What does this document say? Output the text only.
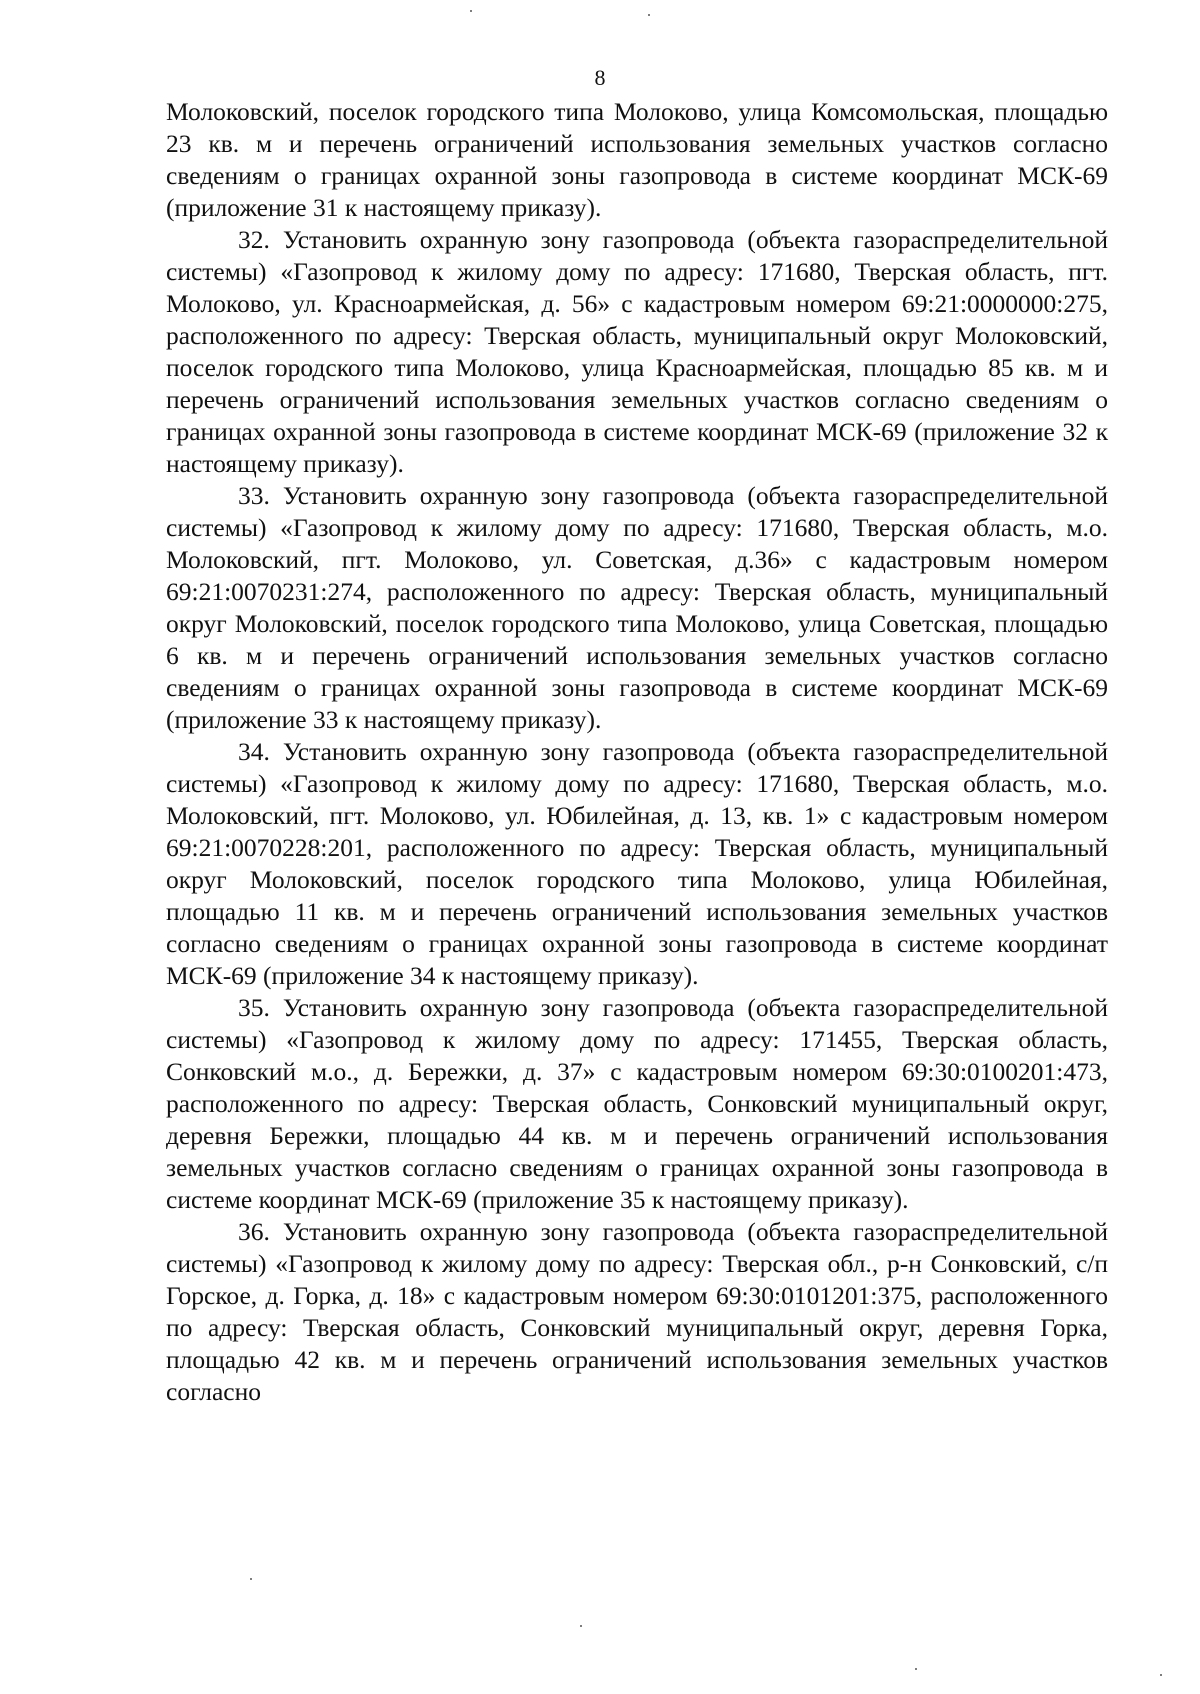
8

Молоковский, поселок городского типа Молоково, улица Комсомольская, площадью 23 кв. м и перечень ограничений использования земельных участков согласно сведениям о границах охранной зоны газопровода в системе координат МСК-69 (приложение 31 к настоящему приказу).

32. Установить охранную зону газопровода (объекта газораспределительной системы) «Газопровод к жилому дому по адресу: 171680, Тверская область, пгт. Молоково, ул. Красноармейская, д. 56» с кадастровым номером 69:21:0000000:275, расположенного по адресу: Тверская область, муниципальный округ Молоковский, поселок городского типа Молоково, улица Красноармейская, площадью 85 кв. м и перечень ограничений использования земельных участков согласно сведениям о границах охранной зоны газопровода в системе координат МСК-69 (приложение 32 к настоящему приказу).

33. Установить охранную зону газопровода (объекта газораспределительной системы) «Газопровод к жилому дому по адресу: 171680, Тверская область, м.о. Молоковский, пгт. Молоково, ул. Советская, д.36» с кадастровым номером 69:21:0070231:274, расположенного по адресу: Тверская область, муниципальный округ Молоковский, поселок городского типа Молоково, улица Советская, площадью 6 кв. м и перечень ограничений использования земельных участков согласно сведениям о границах охранной зоны газопровода в системе координат МСК-69 (приложение 33 к настоящему приказу).

34. Установить охранную зону газопровода (объекта газораспределительной системы) «Газопровод к жилому дому по адресу: 171680, Тверская область, м.о. Молоковский, пгт. Молоково, ул. Юбилейная, д. 13, кв. 1» с кадастровым номером 69:21:0070228:201, расположенного по адресу: Тверская область, муниципальный округ Молоковский, поселок городского типа Молоково, улица Юбилейная, площадью 11 кв. м и перечень ограничений использования земельных участков согласно сведениям о границах охранной зоны газопровода в системе координат МСК-69 (приложение 34 к настоящему приказу).

35. Установить охранную зону газопровода (объекта газораспределительной системы) «Газопровод к жилому дому по адресу: 171455, Тверская область, Сонковский м.о., д. Бережки, д. 37» с кадастровым номером 69:30:0100201:473, расположенного по адресу: Тверская область, Сонковский муниципальный округ, деревня Бережки, площадью 44 кв. м и перечень ограничений использования земельных участков согласно сведениям о границах охранной зоны газопровода в системе координат МСК-69 (приложение 35 к настоящему приказу).

36. Установить охранную зону газопровода (объекта газораспределительной системы) «Газопровод к жилому дому по адресу: Тверская обл., р-н Сонковский, с/п Горское, д. Горка, д. 18» с кадастровым номером 69:30:0101201:375, расположенного по адресу: Тверская область, Сонковский муниципальный округ, деревня Горка, площадью 42 кв. м и перечень ограничений использования земельных участков согласно
